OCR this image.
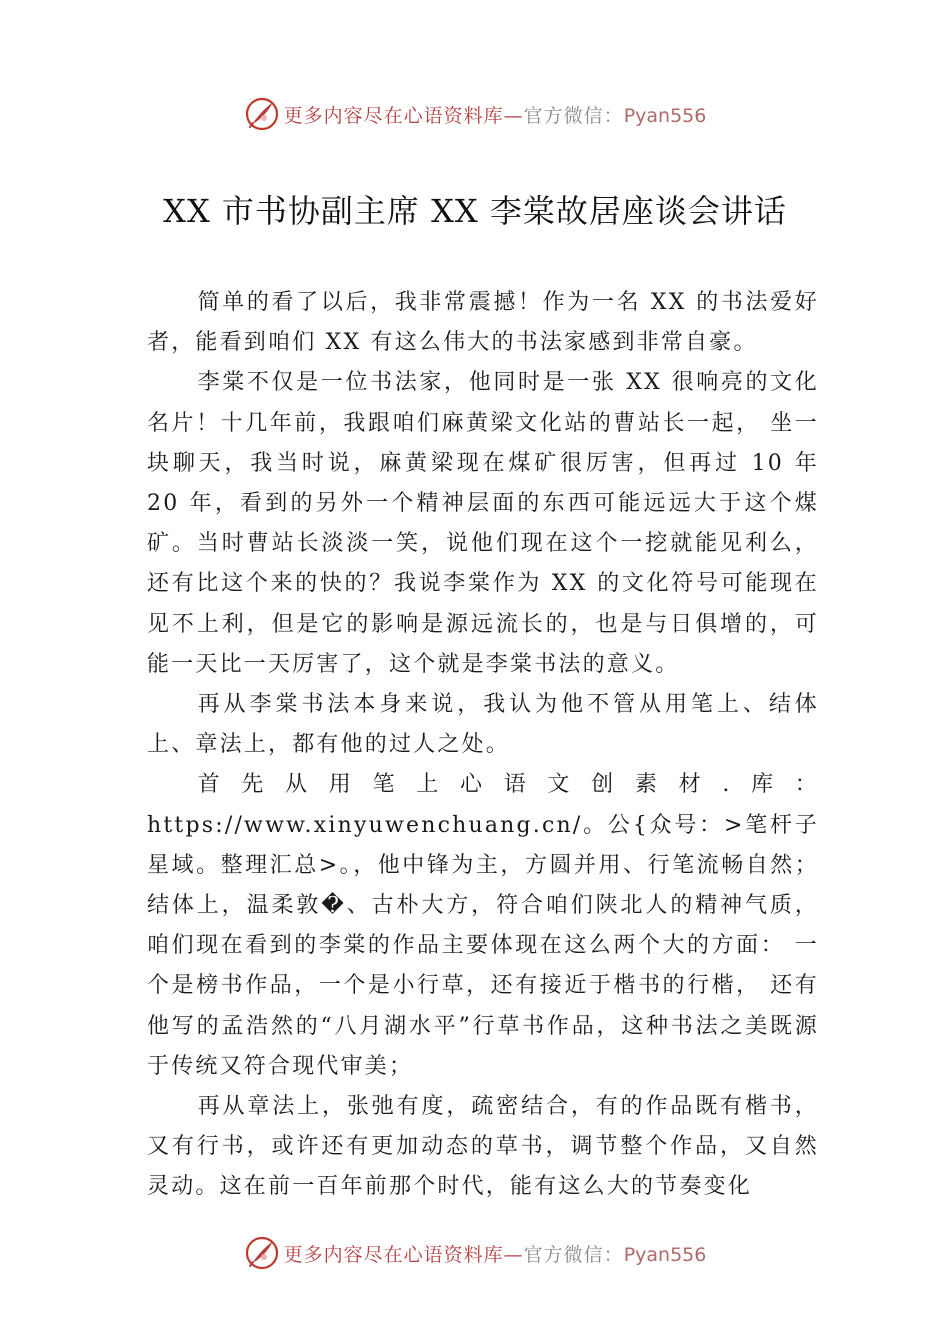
更多内容尽在心语资料库—官方微信：Pyan556
XX 市书协副主席 XX 李棠故居座谈会讲话

简单的看了以后，我非常震撼！作为一名 XX 的书法爱好者，能看到咱们 XX 有这么伟大的书法家感到非常自豪。

李棠不仅是一位书法家，他同时是一张 XX 很响亮的文化名片！十几年前，我跟咱们麻黄梁文化站的曹站长一起， 坐一块聊天，我当时说，麻黄梁现在煤矿很厉害，但再过 10 年 20 年，看到的另外一个精神层面的东西可能远远大于这个煤矿。当时曹站长淡淡一笑，说他们现在这个一挖就能见利么，还有比这个来的快的？我说李棠作为 XX 的文化符号可能现在见不上利，但是它的影响是源远流长的，也是与日俱增的，可能一天比一天厉害了，这个就是李棠书法的意义。

再从李棠书法本身来说，我认为他不管从用笔上、结体上、章法上，都有他的过人之处。

首先从用笔上心语文创素材.库：https://www.xinyuwenchuang.cn/。公{众号：>笔杆子星域。整理汇总>。，他中锋为主，方圆并用、行笔流畅自然； 结体上，温柔敦�、古朴大方，符合咱们陕北人的精神气质， 咱们现在看到的李棠的作品主要体现在这么两个大的方面： 一个是榜书作品，一个是小行草，还有接近于楷书的行楷， 还有他写的孟浩然的“八月湖水平”行草书作品，这种书法之美既源于传统又符合现代审美；

再从章法上，张弛有度，疏密结合，有的作品既有楷书，又有行书，或许还有更加动态的草书，调节整个作品，又自然灵动。这在前一百年前那个时代，能有这么大的节奏变化

更多内容尽在心语资料库—官方微信：Pyan556
